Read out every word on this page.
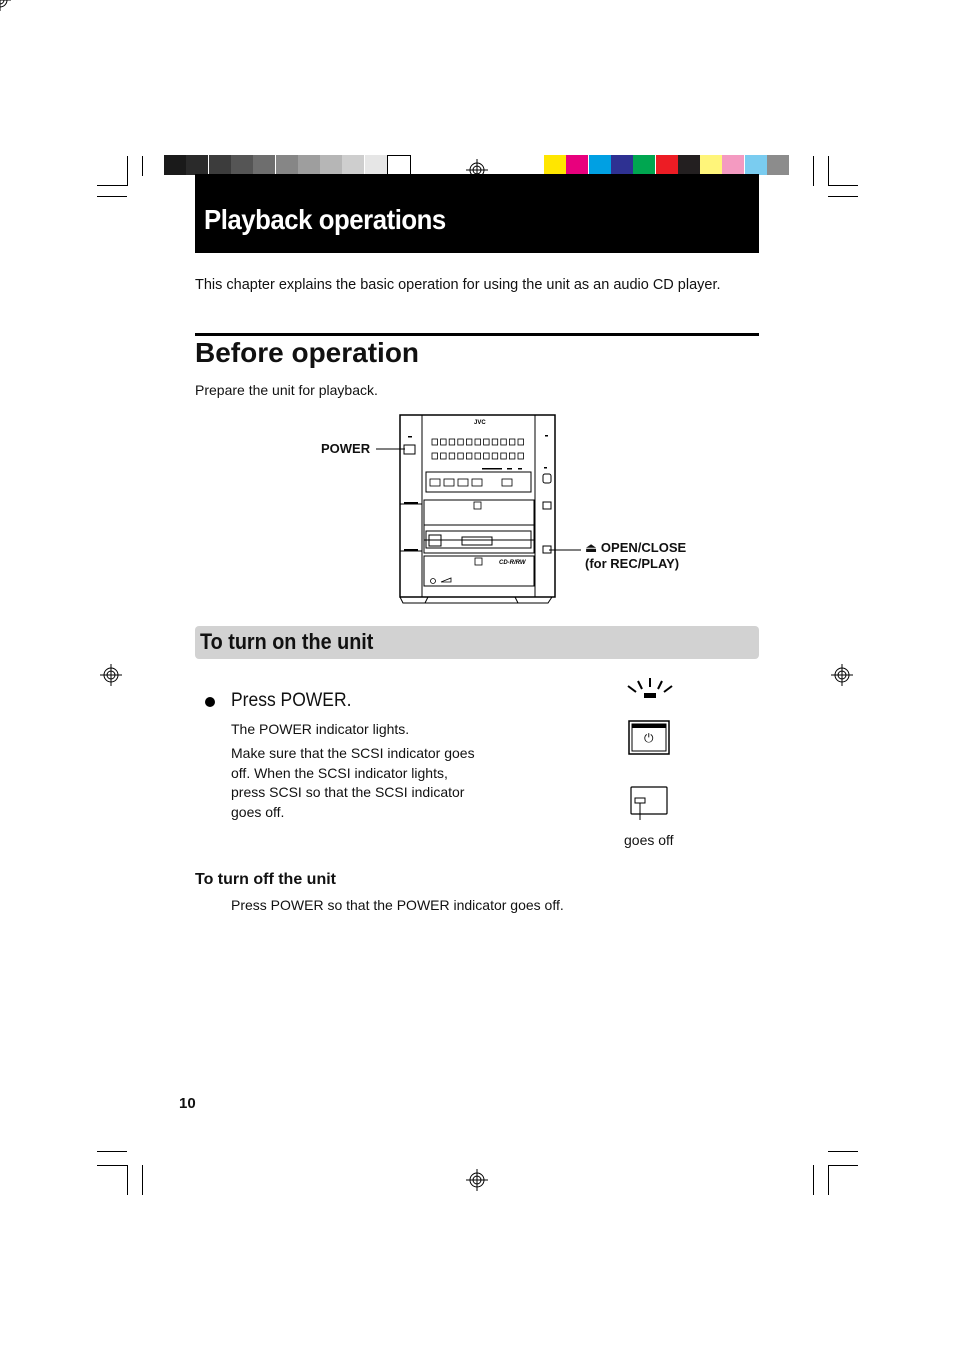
Playback operations
This chapter explains the basic operation for using the unit as an audio CD player.
Before operation
Prepare the unit for playback.
JVC
CD-R/RW
POWER
⏏ OPEN/CLOSE
(for REC/PLAY)
To turn on the unit
Press POWER.
The POWER indicator lights.
Make sure that the SCSI indicator goes off. When the SCSI indicator lights, press SCSI so that the SCSI indicator goes off.
⏻
goes off
To turn off the unit
Press POWER so that the POWER indicator goes off.
10
